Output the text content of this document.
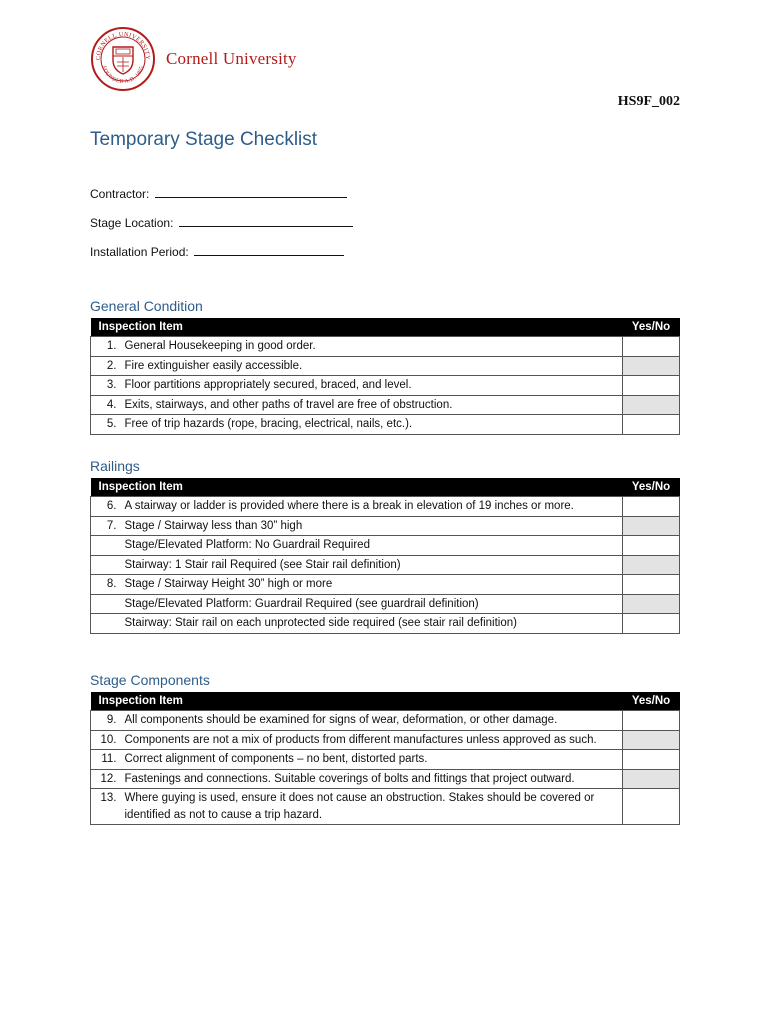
CORNELL UNIVERSITY
FOUNDED A.D. 1865 Cornell University
HS9F_002
Temporary Stage Checklist
Contractor:
Stage Location:
Installation Period:
General Condition
Inspection Item		Yes/No
1.	General Housekeeping in good order.	
2.	Fire extinguisher easily accessible.	
3.	Floor partitions appropriately secured, braced, and level.	
4.	Exits, stairways, and other paths of travel are free of obstruction.	
5.	Free of trip hazards (rope, bracing, electrical, nails, etc.).	
Railings
Inspection Item		Yes/No
6.	A stairway or ladder is provided where there is a break in elevation of 19 inches or more.	
7.	Stage / Stairway less than 30” high	
	Stage/Elevated Platform: No Guardrail Required	
	Stairway: 1 Stair rail Required (see Stair rail definition)	
8.	Stage / Stairway Height 30” high or more	
	Stage/Elevated Platform: Guardrail Required (see guardrail definition)	
	Stairway: Stair rail on each unprotected side required (see stair rail definition)	
Stage Components
Inspection Item		Yes/No
9.	All components should be examined for signs of wear, deformation, or other damage.	
10.	Components are not a mix of products from different manufactures unless approved as such.	
11.	Correct alignment of components – no bent, distorted parts.	
12.	Fastenings and connections. Suitable coverings of bolts and fittings that project outward.	
13.	Where guying is used, ensure it does not cause an obstruction. Stakes should be covered or identified as not to cause a trip hazard.	
